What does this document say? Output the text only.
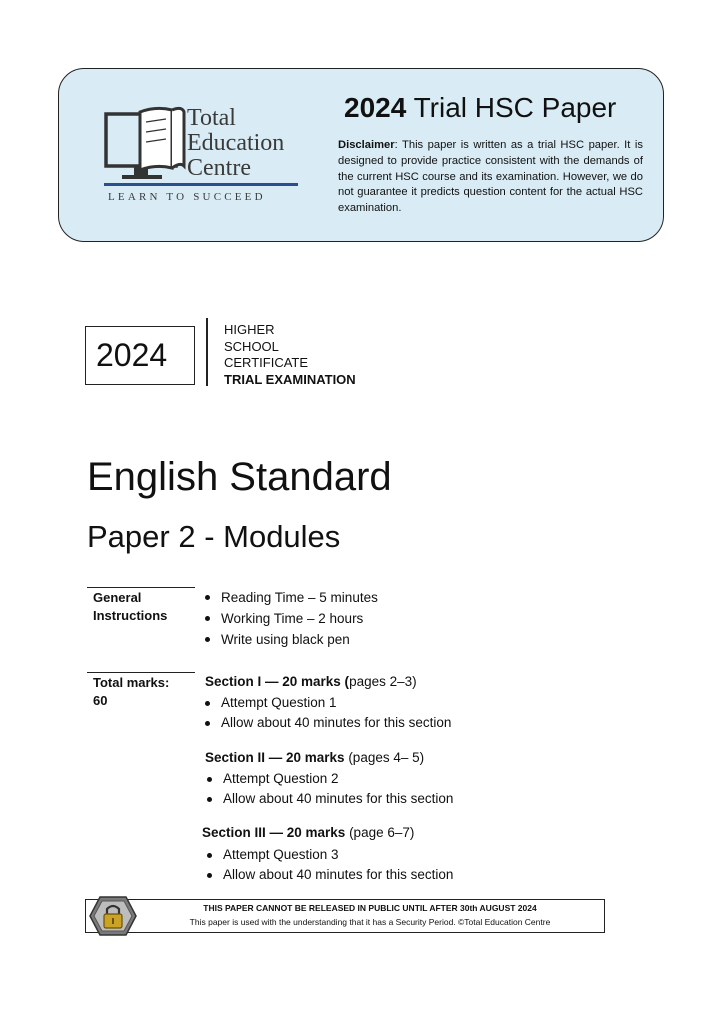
Total
Education
Centre
LEARN TO SUCCEED
2024 Trial HSC Paper
Disclaimer: This paper is written as a trial HSC paper. It is designed to provide practice consistent with the demands of the current HSC course and its examination. However, we do not guarantee it predicts question content for the actual HSC examination.
2024
HIGHER
SCHOOL
CERTIFICATE
TRIAL EXAMINATION
English Standard
Paper 2 - Modules
General
Instructions
Reading Time – 5 minutes
Working Time – 2 hours
Write using black pen
Total marks:
60
Section I — 20 marks (pages 2–3)
Attempt Question 1
Allow about 40 minutes for this section
Section II — 20 marks (pages 4– 5)
Attempt Question 2
Allow about 40 minutes for this section
Section III — 20 marks (page 6–7)
Attempt Question 3
Allow about 40 minutes for this section
THIS PAPER CANNOT BE RELEASED IN PUBLIC UNTIL AFTER 30th AUGUST 2024
This paper is used with the understanding that it has a Security Period. ©Total Education Centre
